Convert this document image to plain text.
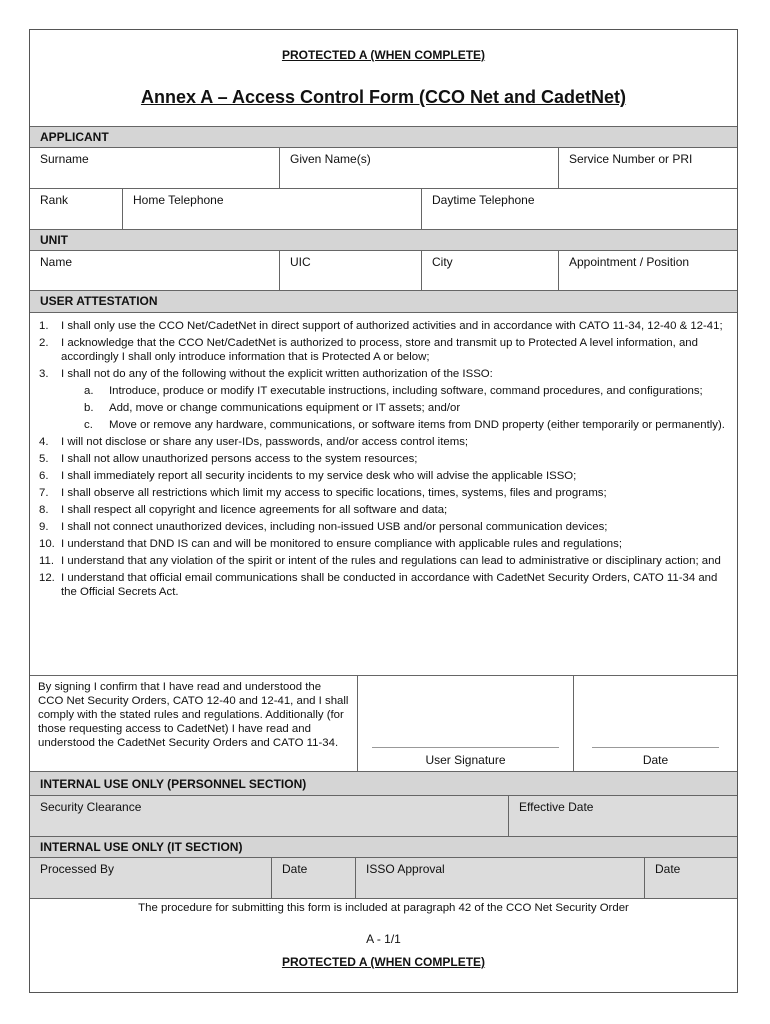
PROTECTED A (WHEN COMPLETE)
Annex A – Access Control Form (CCO Net and CadetNet)
APPLICANT
Surname	Given Name(s)	Service Number or PRI
Rank	Home Telephone	Daytime Telephone
UNIT
Name	UIC	City	Appointment / Position
USER ATTESTATION
1. I shall only use the CCO Net/CadetNet in direct support of authorized activities and in accordance with CATO 11-34, 12-40 & 12-41;
2. I acknowledge that the CCO Net/CadetNet is authorized to process, store and transmit up to Protected A level information, and accordingly I shall only introduce information that is Protected A or below;
3. I shall not do any of the following without the explicit written authorization of the ISSO:
a. Introduce, produce or modify IT executable instructions, including software, command procedures, and configurations;
b. Add, move or change communications equipment or IT assets; and/or
c. Move or remove any hardware, communications, or software items from DND property (either temporarily or permanently).
4. I will not disclose or share any user-IDs, passwords, and/or access control items;
5. I shall not allow unauthorized persons access to the system resources;
6. I shall immediately report all security incidents to my service desk who will advise the applicable ISSO;
7. I shall observe all restrictions which limit my access to specific locations, times, systems, files and programs;
8. I shall respect all copyright and licence agreements for all software and data;
9. I shall not connect unauthorized devices, including non-issued USB and/or personal communication devices;
10. I understand that DND IS can and will be monitored to ensure compliance with applicable rules and regulations;
11. I understand that any violation of the spirit or intent of the rules and regulations can lead to administrative or disciplinary action; and
12. I understand that official email communications shall be conducted in accordance with CadetNet Security Orders, CATO 11-34 and the Official Secrets Act.
By signing I confirm that I have read and understood the CCO Net Security Orders, CATO 12-40 and 12-41, and I shall comply with the stated rules and regulations. Additionally (for those requesting access to CadetNet) I have read and understood the CadetNet Security Orders and CATO 11-34.
User Signature	Date
INTERNAL USE ONLY (PERSONNEL SECTION)
Security Clearance	Effective Date
INTERNAL USE ONLY (IT SECTION)
Processed By	Date	ISSO Approval	Date
The procedure for submitting this form is included at paragraph 42 of the CCO Net Security Order
A - 1/1
PROTECTED A (WHEN COMPLETE)
